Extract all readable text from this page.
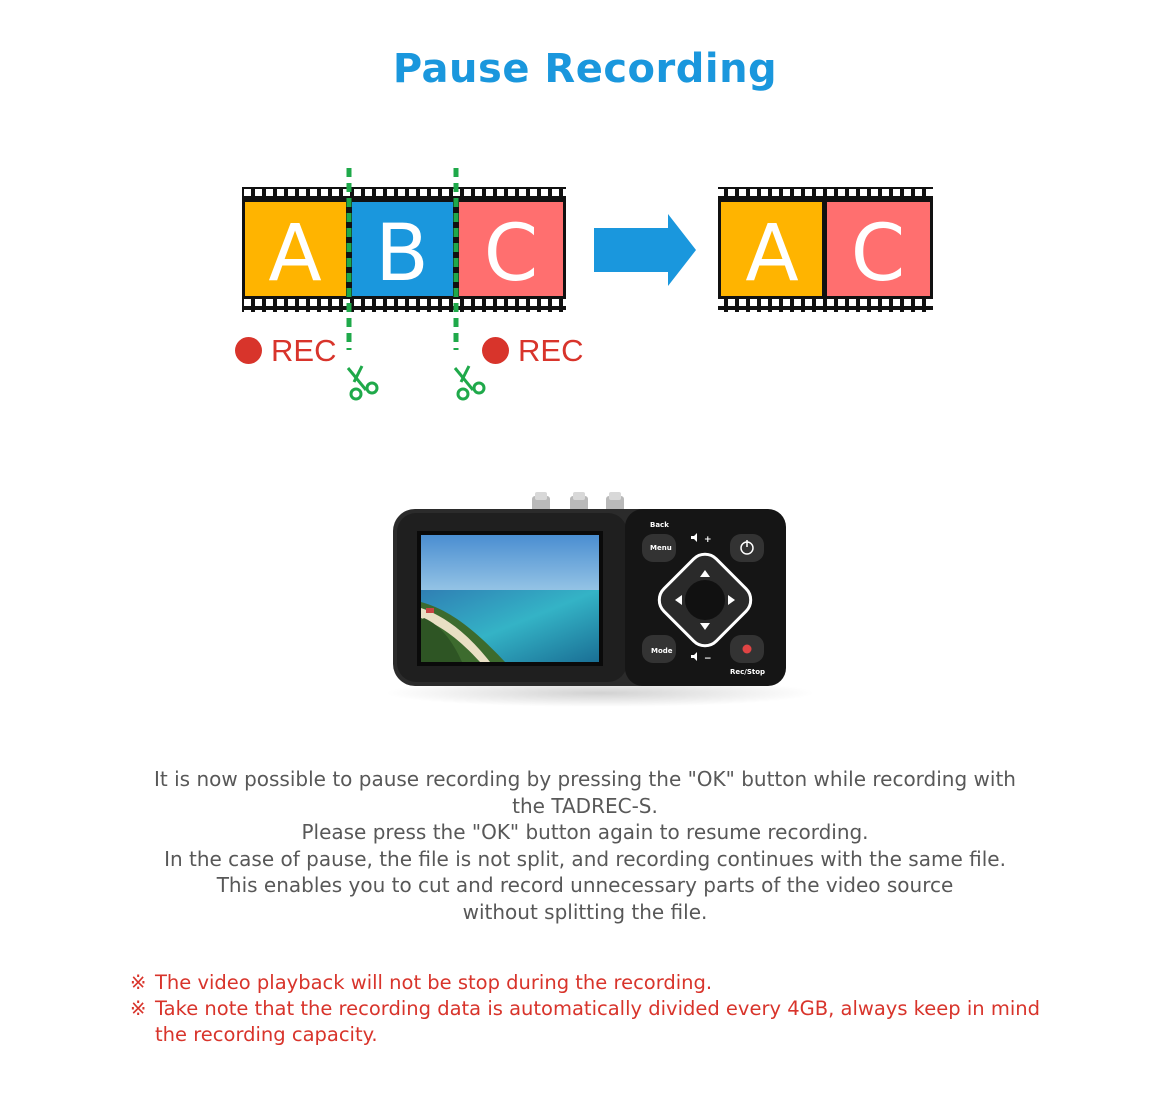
Pause Recording
A B C	A C
REC	REC
Back
Menu
+
−
Mode
Rec/Stop

It is now possible to pause recording by pressing the "OK" button while recording with

the TADREC-S.

Please press the "OK" button again to resume recording.

In the case of pause, the file is not split, and recording continues with the same file.

This enables you to cut and record unnecessary parts of the video source

without splitting the file.

※ The video playback will not be stop during the recording.
※ Take note that the recording data is automatically divided every 4GB, always keep in mind the recording capacity.
